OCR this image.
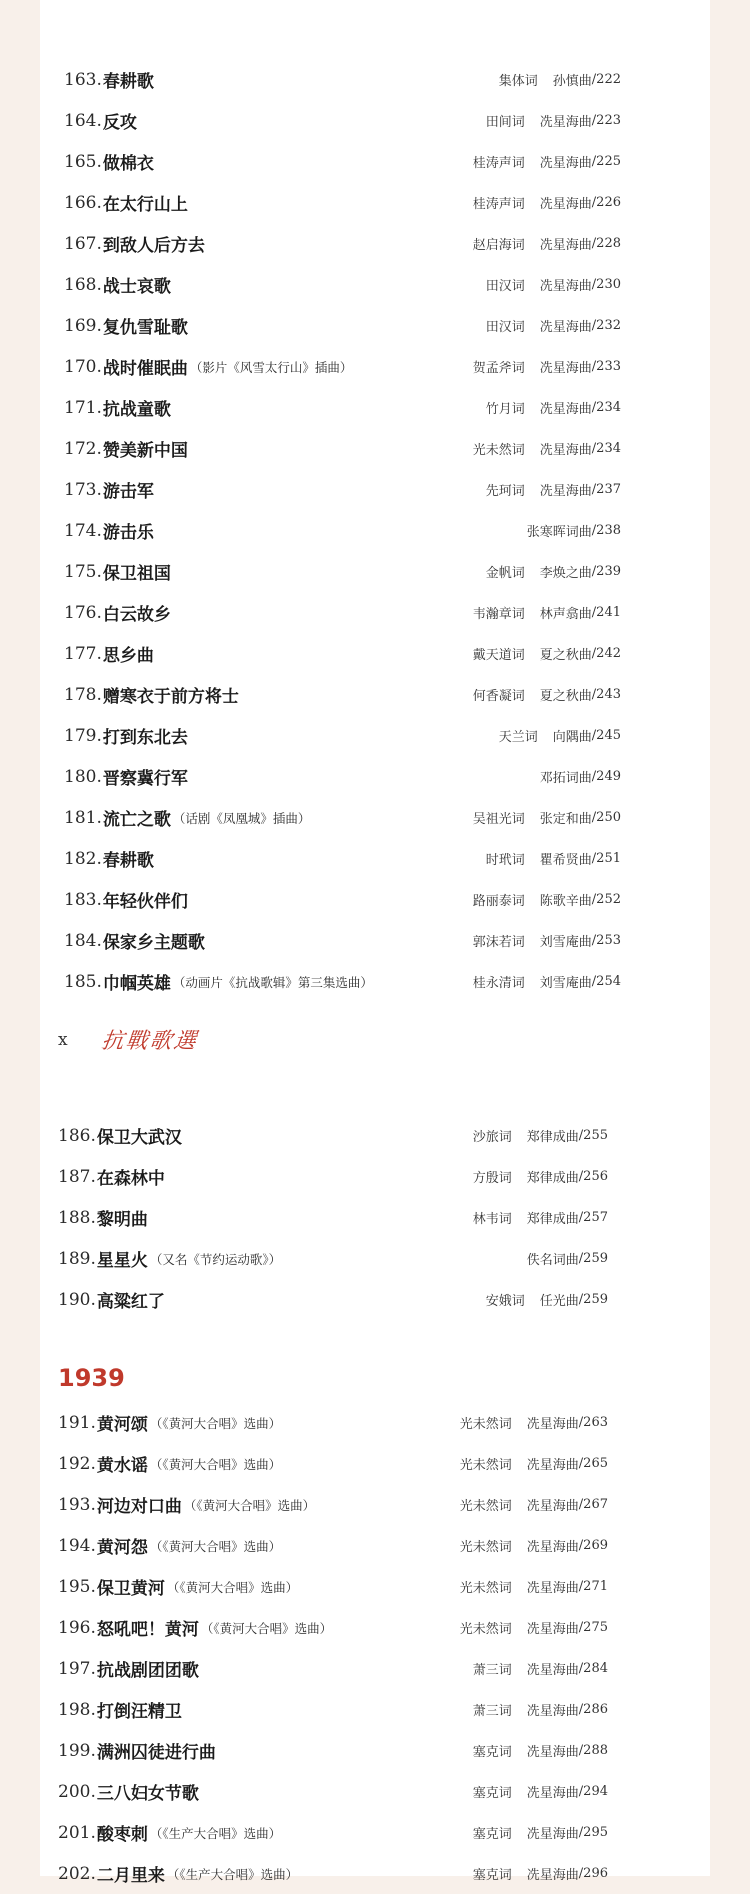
163. 春耕歌	集体词 孙慎曲 / 222
164. 反攻	田间词 冼星海曲 / 223
165. 做棉衣	桂涛声词 冼星海曲 / 225
166. 在太行山上	桂涛声词 冼星海曲 / 226
167. 到敌人后方去	赵启海词 冼星海曲 / 228
168. 战士哀歌	田汉词 冼星海曲 / 230
169. 复仇雪耻歌	田汉词 冼星海曲 / 232
170. 战时催眠曲 （影片《风雪太行山》插曲）	贺孟斧词 冼星海曲 / 233
171. 抗战童歌	竹月词 冼星海曲 / 234
172. 赞美新中国	光未然词 冼星海曲 / 234
173. 游击军	先珂词 冼星海曲 / 237
174. 游击乐	张寒晖词曲 / 238
175. 保卫祖国	金帆词 李焕之曲 / 239
176. 白云故乡	韦瀚章词 林声翕曲 / 241
177. 思乡曲	戴天道词 夏之秋曲 / 242
178. 赠寒衣于前方将士	何香凝词 夏之秋曲 / 243
179. 打到东北去	天兰词 向隅曲 / 245
180. 晋察冀行军	邓拓词曲 / 249
181. 流亡之歌 （话剧《凤凰城》插曲）	吴祖光词 张定和曲 / 250
182. 春耕歌	时玳词 瞿希贤曲 / 251
183. 年轻伙伴们	路丽泰词 陈歌辛曲 / 252
184. 保家乡主题歌	郭沫若词 刘雪庵曲 / 253
185. 巾帼英雄 （动画片《抗战歌辑》第三集选曲）	桂永清词 刘雪庵曲 / 254
x	抗戰歌選
186. 保卫大武汉	沙旅词 郑律成曲 / 255
187. 在森林中	方殷词 郑律成曲 / 256
188. 黎明曲	林韦词 郑律成曲 / 257
189. 星星火 （又名《节约运动歌》）	佚名词曲 / 259
190. 高粱红了	安娥词 任光曲 / 259
1939
191. 黄河颂 （《黄河大合唱》选曲）	光未然词 冼星海曲 / 263
192. 黄水谣 （《黄河大合唱》选曲）	光未然词 冼星海曲 / 265
193. 河边对口曲 （《黄河大合唱》选曲）	光未然词 冼星海曲 / 267
194. 黄河怨 （《黄河大合唱》选曲）	光未然词 冼星海曲 / 269
195. 保卫黄河 （《黄河大合唱》选曲）	光未然词 冼星海曲 / 271
196. 怒吼吧！黄河 （《黄河大合唱》选曲）	光未然词 冼星海曲 / 275
197. 抗战剧团团歌	萧三词 冼星海曲 / 284
198. 打倒汪精卫	萧三词 冼星海曲 / 286
199. 满洲囚徒进行曲	塞克词 冼星海曲 / 288
200. 三八妇女节歌	塞克词 冼星海曲 / 294
201. 酸枣刺 （《生产大合唱》选曲）	塞克词 冼星海曲 / 295
202. 二月里来 （《生产大合唱》选曲）	塞克词 冼星海曲 / 296
